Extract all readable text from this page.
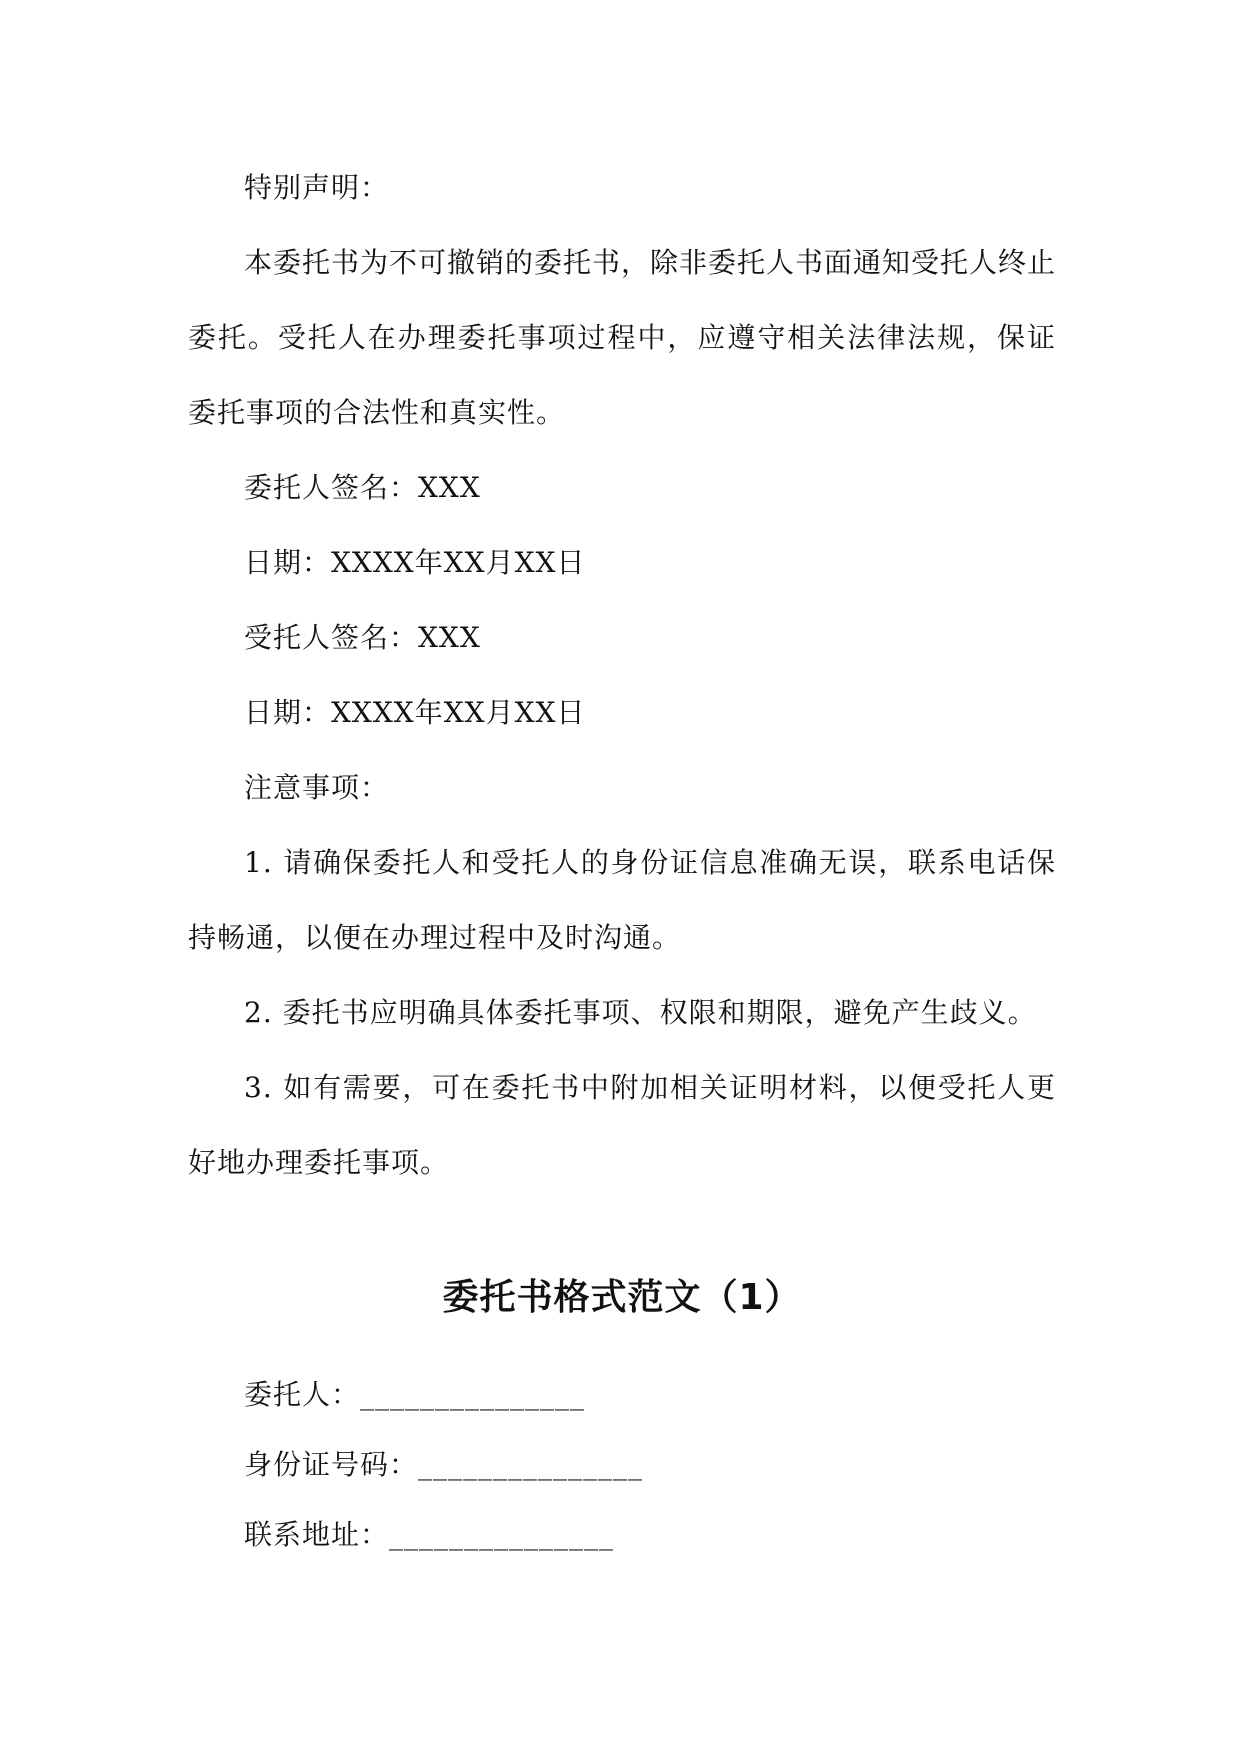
特别声明：

本委托书为不可撤销的委托书，除非委托人书面通知受托人终止委托。受托人在办理委托事项过程中，应遵守相关法律法规，保证委托事项的合法性和真实性。

委托人签名：XXX

日期：XXXX年XX月XX日

受托人签名：XXX

日期：XXXX年XX月XX日

注意事项：

1. 请确保委托人和受托人的身份证信息准确无误，联系电话保持畅通，以便在办理过程中及时沟通。

2. 委托书应明确具体委托事项、权限和期限，避免产生歧义。

3. 如有需要，可在委托书中附加相关证明材料，以便受托人更好地办理委托事项。

委托书格式范文（1）

委托人：_______________

身份证号码：_______________

联系地址：_______________
